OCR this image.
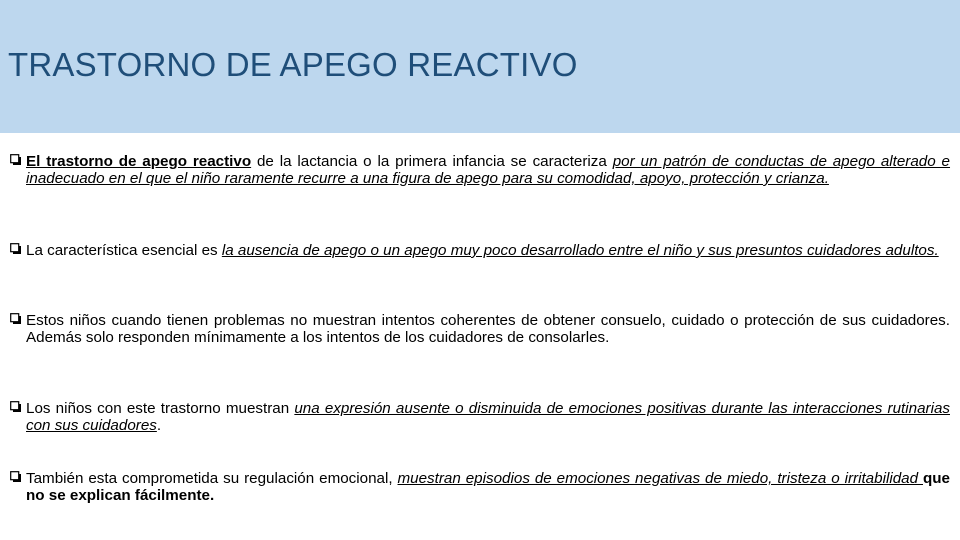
TRASTORNO DE APEGO REACTIVO
El trastorno de apego reactivo de la lactancia o la primera infancia se caracteriza por un patrón de conductas de apego alterado e inadecuado en el que el niño raramente recurre a una figura de apego para su comodidad, apoyo, protección y crianza.
La característica esencial es la ausencia de apego o un apego muy poco desarrollado entre el niño y sus presuntos cuidadores adultos.
Estos niños cuando tienen problemas no muestran intentos coherentes de obtener consuelo, cuidado o protección de sus cuidadores. Además solo responden mínimamente a los intentos de los cuidadores de consolarles.
Los niños con este trastorno muestran una expresión ausente o disminuida de emociones positivas durante las interacciones rutinarias con sus cuidadores.
También esta comprometida su regulación emocional, muestran episodios de emociones negativas de miedo, tristeza o irritabilidad que no se explican fácilmente.
